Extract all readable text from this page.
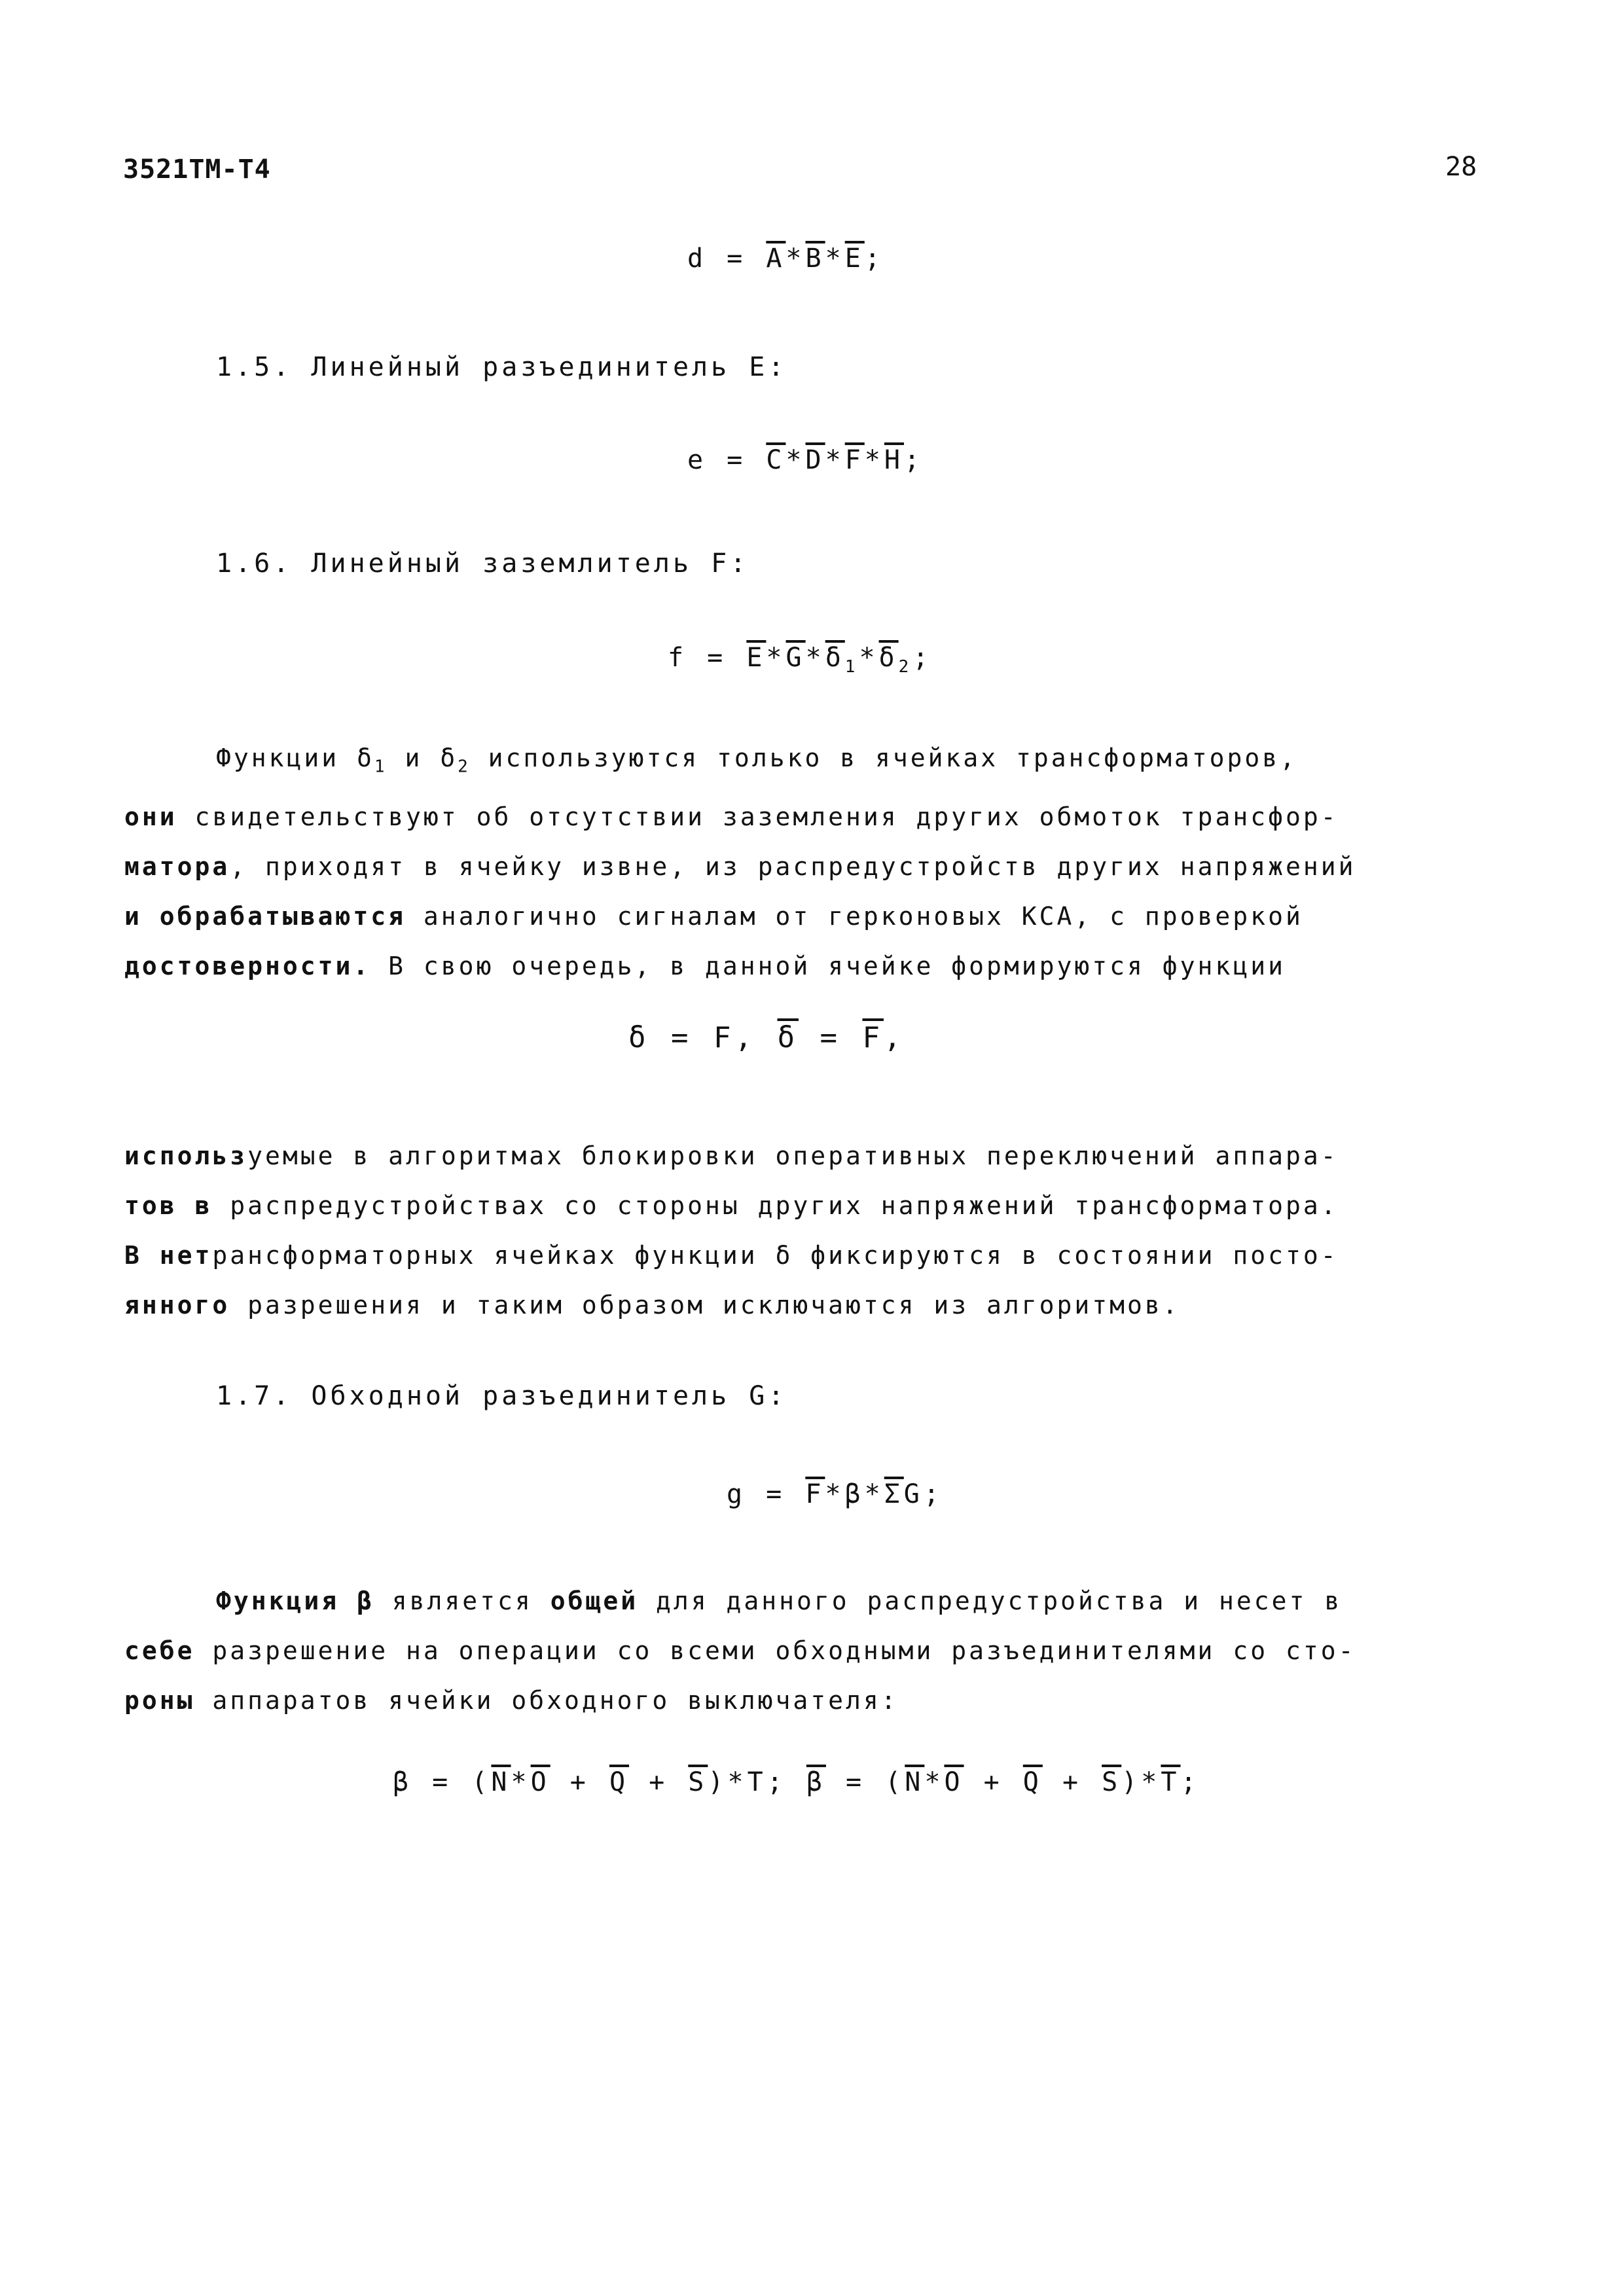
3521ТМ-Т4	28
$d = \overline{A}*\overline{B}*\overline{E}$;
1.5. Линейный разъединитель E:
$e = \overline{C}*\overline{D}*\overline{F}*\overline{H}$;
1.6. Линейный заземлитель F:
$f = \overline{E}*\overline{G}*\overline{\delta}_1*\overline{\delta}_2$;
Функции $\delta_1$ и $\delta_2$ используются только в ячейках трансформаторов,
они свидетельствуют об отсутствии заземления других обмоток трансфор-
матора, приходят в ячейку извне, из распредустройств других напряжений
и обрабатываются аналогично сигналам от герконовых КСА, с проверкой
достоверности. В свою очередь, в данной ячейке формируются функции
δ = F, $\overline{\delta} = \overline{F}$,
используемые в алгоритмах блокировки оперативных переключений аппара-
тов в распредустройствах со стороны других напряжений трансформатора.
В нетрансформаторных ячейках функции δ фиксируются в состоянии посто-
янного разрешения и таким образом исключаются из алгоритмов.
1.7. Обходной разъединитель G:
$g = \overline{F}*\beta*\overline{\Sigma}G$;
Функция β является общей для данного распредустройства и несет в
себе разрешение на операции со всеми обходными разъединителями со сто-
роны аппаратов ячейки обходного выключателя:
$\beta = (\overline{N}*\overline{O} + \overline{Q} + \overline{S})*T$; $\overline{\beta} = (\overline{N}*\overline{O} + \overline{Q} + \overline{S})*\overline{T}$;
